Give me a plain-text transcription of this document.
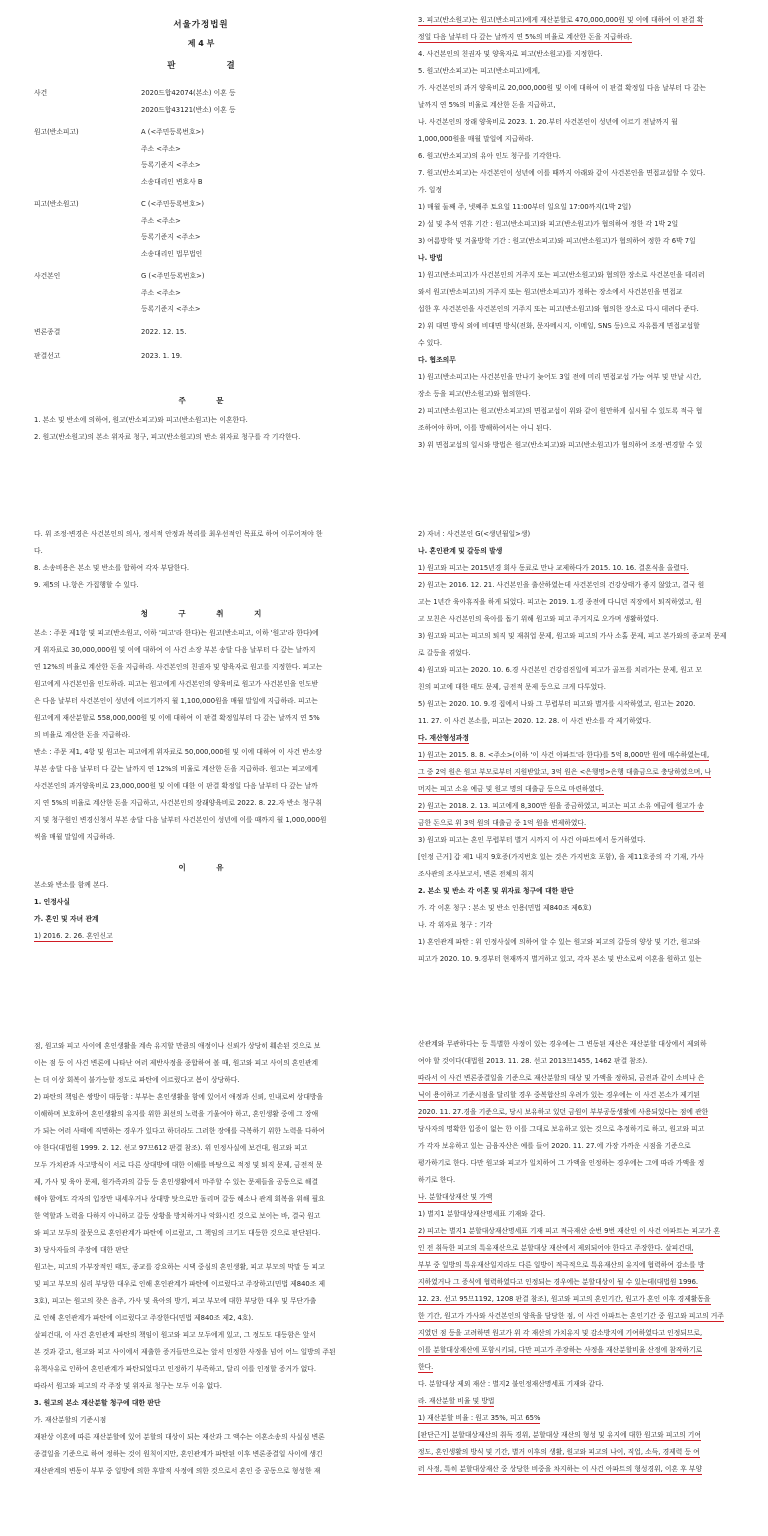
서울가정법원
제 4 부
판 결
사건	2020드합42074(본소) 이혼 등
2020드합43121(반소) 이혼 등
원고(반소피고)	A (<주민등록번호>)
주소 <주소>
등록기준지 <주소>
소송대리인 변호사 B
피고(반소원고)	C (<주민등록번호>)
주소 <주소>
등록기준지 <주소>
소송대리인 법무법인
사건본인	G (<주민등록번호>)
주소 <주소>
등록기준지 <주소>
변론종결	2022. 12. 15.
판결선고	2023. 1. 19.
주 문
1. 본소 및 반소에 의하여, 원고(반소피고)와 피고(반소원고)는 이혼한다.
2. 원고(반소원고)의 본소 위자료 청구, 피고(반소원고)의 반소 위자료 청구를 각 기각한다.
3. 피고(반소원고)는 원고(반소피고)에게 재산분할로 470,000,000원 및 이에 대하여 이 판결 확
정일 다음 날부터 다 갚는 날까지 연 5%의 비율로 계산한 돈을 지급하라.
4. 사건본인의 친권자 및 양육자로 피고(반소원고)를 지정한다.
5. 원고(반소피고)는 피고(반소피고)에게,
가. 사건본인의 과거 양육비로 20,000,000원 및 이에 대하여 이 판결 확정일 다음 날부터 다 갚는
날까지 연 5%의 비율로 계산한 돈을 지급하고,
나. 사건본인의 장래 양육비로 2023. 1. 20.부터 사건본인이 성년에 이르기 전날까지 월
1,000,000원을 매월 말일에 지급하라.
6. 원고(반소피고)의 유아 인도 청구를 기각한다.
7. 원고(반소피고)는 사건본인이 성년에 이를 때까지 아래와 같이 사건본인을 면접교섭할 수 있다.
가. 일정
1) 매월 둘째 주, 넷째주 토요일 11:00부터 일요일 17:00까지(1박 2일)
2) 설 및 추석 연휴 기간 : 원고(반소피고)와 피고(반소원고)가 협의하여 정한 각 1박 2일
3) 여름방학 및 겨울방학 기간 : 원고(반소피고)와 피고(반소원고)가 협의하여 정한 각 6박 7일
나. 방법
1) 원고(반소피고)가 사건본인의 거주지 또는 피고(반소원고)와 협의한 장소로 사건본인을 데리러
와서 원고(반소피고)의 거주지 또는 원고(반소피고)가 정하는 장소에서 사건본인을 면접교
섭한 후 사건본인을 사건본인의 거주지 또는 피고(반소원고)와 협의한 장소로 다시 데려다 준다.
2) 위 대면 방식 외에 비대면 방식(전화, 문자메시지, 이메일, SNS 등)으로 자유롭게 면접교섭할
수 있다.
다. 협조의무
1) 원고(반소피고)는 사건본인을 만나기 늦어도 3일 전에 미리 면접교섭 가능 여부 및 만날 시간,
장소 등을 피고(반소원고)와 협의한다.
2) 피고(반소원고)는 원고(반소피고)의 면접교섭이 위와 같이 원만하게 실시될 수 있도록 적극 협
조하여야 하며, 이를 방해하여서는 아니 된다.
3) 위 면접교섭의 일시와 방법은 원고(반소피고)와 피고(반소원고)가 협의하여 조정·변경할 수 있
다. 위 조정·변경은 사건본인의 의사, 정서적 안정과 복리를 최우선적인 목표로 하여 이루어져야 한
다.
8. 소송비용은 본소 및 반소를 합하여 각자 부담한다.
9. 제5의 나.항은 가집행할 수 있다.
청 구 취 지
본소 : 주문 제1항 및 피고(반소원고, 이하 '피고'라 한다)는 원고(반소피고, 이하 '원고'라 한다)에
게 위자료로 30,000,000원 및 이에 대하여 이 사건 소장 부본 송달 다음 날부터 다 갚는 날까지
연 12%의 비율로 계산한 돈을 지급하라. 사건본인의 친권자 및 양육자로 원고를 지정한다. 피고는
원고에게 사건본인을 인도하라. 피고는 원고에게 사건본인의 양육비로 원고가 사건본인을 인도받
은 다음 날부터 사건본인이 성년에 이르기까지 월 1,100,000원을 매월 말일에 지급하라. 피고는
원고에게 재산분할로 558,000,000원 및 이에 대하여 이 판결 확정일부터 다 갚는 날까지 연 5%
의 비율로 계산한 돈을 지급하라.
반소 : 주문 제1, 4항 및 원고는 피고에게 위자료로 50,000,000원 및 이에 대하여 이 사건 반소장
부본 송달 다음 날부터 다 갚는 날까지 연 12%의 비율로 계산한 돈을 지급하라. 원고는 피고에게
사건본인의 과거양육비로 23,000,000원 및 이에 대한 이 판결 확정일 다음 날부터 다 갚는 날까
지 연 5%의 비율로 계산한 돈을 지급하고, 사건본인의 장래양육비로 2022. 8. 22.자 반소 청구취
지 및 청구원인 변경신청서 부본 송달 다음 날부터 사건본인이 성년에 이를 때까지 월 1,000,000원
씩을 매월 말일에 지급하라.
이 유
본소와 반소를 함께 본다.
1. 인정사실
가. 혼인 및 자녀 관계
1) 2016. 2. 26. 혼인신고
2) 자녀 : 사건본인 G(<생년월일>생)
나. 혼인관계 및 갈등의 발생
1) 원고와 피고는 2015년경 회사 동료로 만나 교제하다가 2015. 10. 16. 결혼식을 올렸다.
2) 원고는 2016. 12. 21. 사건본인을 출산하였는데 사건본인의 건강상태가 좋지 않았고, 결국 원
고는 1년간 육아휴직을 하게 되었다. 피고는 2019. 1.경 종전에 다니던 직장에서 퇴직하였고, 원
고 모친은 사건본인의 육아를 돕기 위해 원고와 피고 주거지로 오가며 생활하였다.
3) 원고와 피고는 피고의 퇴직 및 재취업 문제, 원고와 피고의 가사 소홀 문제, 피고 본가와의 종교적 문제
로 갈등을 겪었다.
4) 원고와 피고는 2020. 10. 6.경 사건본인 건강검진일에 피고가 골프를 치러가는 문제, 원고 모
친의 피고에 대한 태도 문제, 금전적 문제 등으로 크게 다투었다.
5) 원고는 2020. 10. 9.경 집에서 나와 그 무렵부터 피고와 별거를 시작하였고, 원고는 2020.
11. 27. 이 사건 본소를, 피고는 2020. 12. 28. 이 사건 반소를 각 제기하였다.
다. 재산형성과정
1) 원고는 2015. 8. 8. <주소>(이하 '이 사건 아파트'라 한다)를 5억 8,000만 원에 매수하였는데,
그 중 2억 원은 원고 부모로부터 지원받았고, 3억 원은 <은행명>은행 대출금으로 충당하였으며, 나
머지는 피고 소유 예금 및 원고 명의 대출금 등으로 마련하였다.
2) 원고는 2018. 2. 13. 피고에게 8,300만 원을 증금하였고, 피고는 피고 소유 예금에 원고가 송
금한 돈으로 위 3억 원의 대출금 중 1억 원을 변제하였다.
3) 원고와 피고는 혼인 무렵부터 별거 시까지 이 사건 아파트에서 동거하였다.
[인정 근거] 갑 제1 내지 9호증(가지번호 있는 것은 가지번호 포함), 을 제11호증의 각 기재, 가사
조사관의 조사보고서, 변론 전체의 취지
2. 본소 및 반소 각 이혼 및 위자료 청구에 대한 판단
가. 각 이혼 청구 : 본소 및 반소 인용(민법 제840조 제6호)
나. 각 위자료 청구 : 기각
1) 혼인관계 파탄 : 위 인정사실에 의하여 알 수 있는 원고와 피고의 갈등의 양상 및 기간, 원고와
피고가 2020. 10. 9.경부터 현재까지 별거하고 있고, 각자 본소 및 반소로써 이혼을 원하고 있는
점, 원고와 피고 사이에 혼인생활을 계속 유지할 만큼의 애정이나 신뢰가 상당히 훼손된 것으로 보
이는 점 등 이 사건 변론에 나타난 여러 제반사정을 종합하여 볼 때, 원고와 피고 사이의 혼인관계
는 더 이상 회복이 불가능할 정도로 파탄에 이르렀다고 봄이 상당하다.
2) 파탄의 책임은 쌍방이 대등함 : 부부는 혼인생활을 함에 있어서 애정과 신뢰, 인내로써 상대방을
이해하며 보호하여 혼인생활의 유지를 위한 최선의 노력을 기울여야 하고, 혼인생활 중에 그 장애
가 되는 여러 사태에 직면하는 경우가 있다고 하더라도 그러한 장애를 극복하기 위한 노력을 다하여
야 한다(대법원 1999. 2. 12. 선고 97므612 판결 참조). 위 인정사실에 보건대, 원고와 피고
모두 가치관과 사고방식이 서로 다른 상대방에 대한 이해를 바탕으로 적정 및 퇴직 문제, 금전적 문
제, 가사 및 육아 문제, 원가족과의 갈등 등 혼인생활에서 마주할 수 있는 문제들을 공동으로 해결
해야 함에도 각자의 입장만 내세우거나 상대방 탓으로만 돌리며 갈등 해소나 관계 회복을 위해 필요
한 역할과 노력을 다하지 아니하고 갈등 상황을 방치하거나 악화시킨 것으로 보이는 바, 결국 원고
와 피고 모두의 잘못으로 혼인관계가 파탄에 이르렀고, 그 책임의 크기도 대등한 것으로 판단된다.
3) 당사자들의 주장에 대한 판단
원고는, 피고의 가부장적인 태도, 종교를 강요하는 시댁 중심의 혼인생활, 피고 부모의 막말 등 피고
및 피고 부모의 심리 부당한 대우로 인해 혼인관계가 파탄에 이르렀다고 주장하고(민법 제840조 제
3호), 피고는 원고의 잦은 음주, 가사 및 육아의 방기, 피고 부모에 대한 부당한 대우 및 무단가출
로 인해 혼인관계가 파탄에 이르렀다고 주장한다(민법 제840조 제2, 4호).
살피건대, 이 사건 혼인관계 파탄의 책임이 원고와 피고 모두에게 있고, 그 정도도 대등함은 앞서
본 것과 같고, 원고와 피고 사이에서 제출한 증거들만으로는 앞서 인정한 사정을 넘어 어느 일방의 주된
유책사유로 인하여 혼인관계가 파탄되었다고 인정하기 부족하고, 달리 이를 인정할 증거가 없다.
따라서 원고와 피고의 각 주장 및 위자료 청구는 모두 이유 없다.
3. 원고의 본소 재산분할 청구에 대한 판단
가. 재산분할의 기준시점
재판상 이혼에 따른 재산분할에 있어 분할의 대상이 되는 재산과 그 액수는 이혼소송의 사실심 변론
종결일을 기준으로 하여 정하는 것이 원칙이지만, 혼인관계가 파탄된 이후 변론종결일 사이에 생긴
재산관계의 변동이 부부 중 일방에 의한 후발적 사정에 의한 것으로서 혼인 중 공동으로 형성한 재
산관계와 무관하다는 등 특별한 사정이 있는 경우에는 그 변동된 재산은 재산분할 대상에서 제외하
여야 할 것이다(대법원 2013. 11. 28. 선고 2013므1455, 1462 판결 참조).
따라서 이 사건 변론종결일을 기준으로 재산분할의 대상 및 가액을 정하되, 금전과 같이 소비나 은
닉이 용이하고 기준시점을 달리할 경우 중복합산의 우려가 있는 경우에는 이 사건 본소가 제기된
2020. 11. 27.경을 기준으로, 당시 보유하고 있던 금원이 부부공동생활에 사용되었다는 점에 관한
당사자의 명확한 입증이 없는 한 이를 그대로 보유하고 있는 것으로 추정하기로 하고, 원고와 피고
가 각자 보유하고 있는 금융자산은 예를 들어 2020. 11. 27.에 가장 가까운 시점을 기준으로
평가하기로 한다. 다만 원고와 피고가 일치하여 그 가액을 인정하는 경우에는 그에 따라 가액을 정
하기로 한다.
나. 분할대상재산 및 가액
1) 별지1 분할대상재산명세표 기재와 같다.
2) 피고는 별지1 분할대상재산명세표 기재 피고 적극재산 순번 9번 재산인 이 사건 아파트는 피고가 혼
인 전 취득한 피고의 특유재산으로 분할대상 재산에서 제외되어야 한다고 주장한다. 살피건대,
부부 중 일방의 특유재산일지라도 다른 일방이 적극적으로 특유재산의 유지에 협력하여 감소를 방
지하였거나 그 증식에 협력하였다고 인정되는 경우에는 분할대상이 될 수 있는데(대법원 1996.
12. 23. 선고 95므1192, 1208 판결 참조), 원고와 피고의 혼인기간, 원고가 혼인 이후 경제활동을
한 기간, 원고가 가사와 사건본인의 양육을 담당한 점, 이 사건 아파트는 혼인기간 중 원고와 피고의 거주
지였던 점 등을 고려하면 원고가 위 각 재산의 가치유지 및 감소방지에 기여하였다고 인정되므로,
이를 분할대상재산에 포함시키되, 다만 피고가 주장하는 사정을 재산분할비율 산정에 참작하기로
한다.
다. 분할대상 제외 재산 : 별지2 불인정재산명세표 기재와 같다.
라. 재산분할 비율 및 방법
1) 재산분할 비율 : 원고 35%, 피고 65%
[판단근거] 분할대상재산의 취득 경위, 분할대상 재산의 형성 및 유지에 대한 원고와 피고의 기여
정도, 혼인생활의 방식 및 기간, 별거 이후의 생활, 원고와 피고의 나이, 직업, 소득, 경제력 등 여
러 사정, 특히 분할대상재산 중 상당한 비중을 차지하는 이 사건 아파트의 형성경위, 이혼 후 부양
